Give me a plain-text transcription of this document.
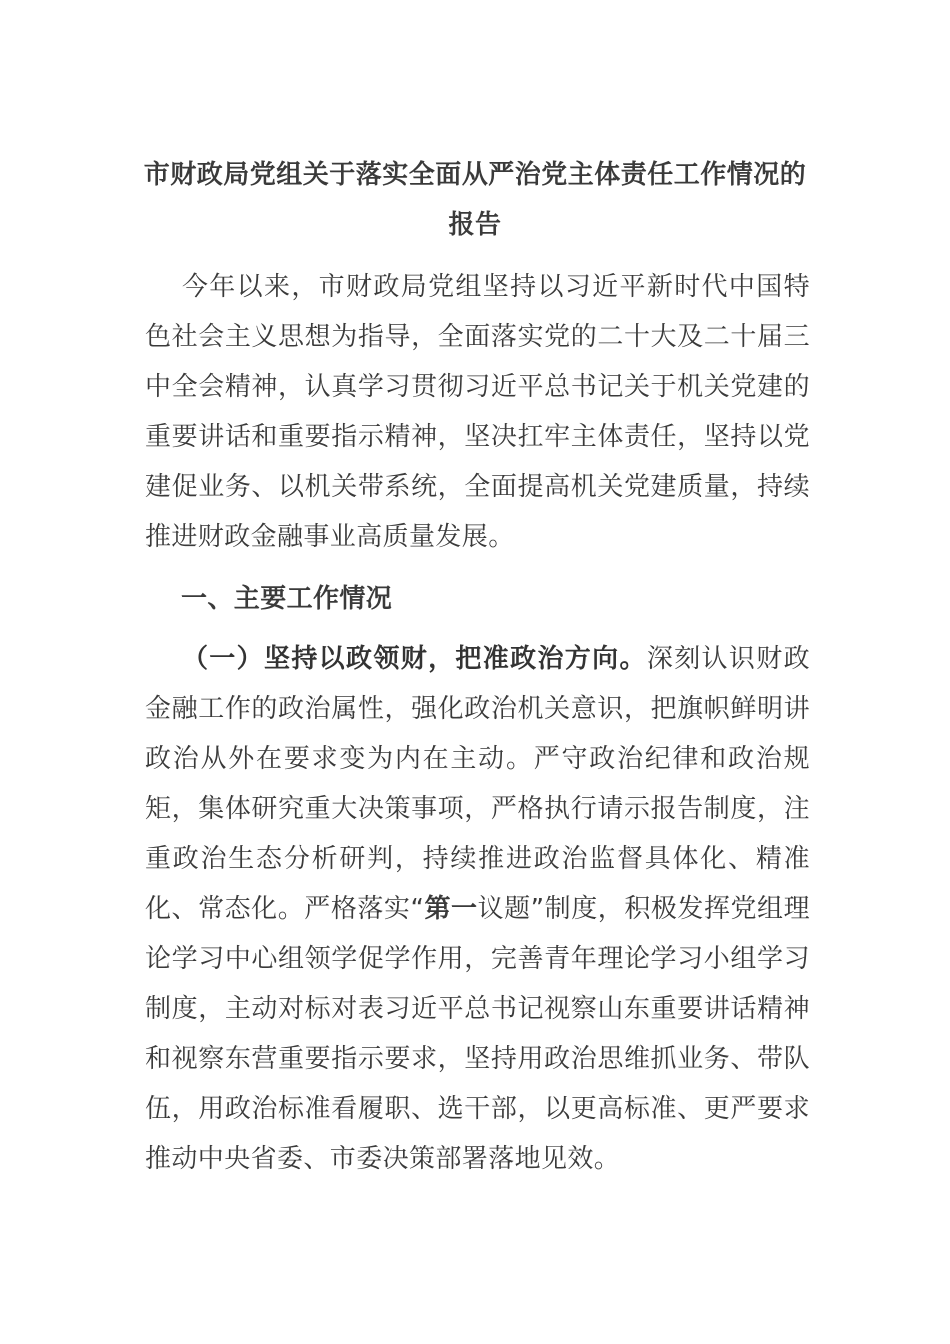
市财政局党组关于落实全面从严治党主体责任工作情况的
报告

今年以来，市财政局党组坚持以习近平新时代中国特色社会主义思想为指导，全面落实党的二十大及二十届三中全会精神，认真学习贯彻习近平总书记关于机关党建的重要讲话和重要指示精神，坚决扛牢主体责任，坚持以党建促业务、以机关带系统，全面提高机关党建质量，持续推进财政金融事业高质量发展。

一、主要工作情况

（一）坚持以政领财，把准政治方向。深刻认识财政金融工作的政治属性，强化政治机关意识，把旗帜鲜明讲政治从外在要求变为内在主动。严守政治纪律和政治规矩，集体研究重大决策事项，严格执行请示报告制度，注重政治生态分析研判，持续推进政治监督具体化、精准化、常态化。严格落实“第一议题”制度，积极发挥党组理论学习中心组领学促学作用，完善青年理论学习小组学习制度，主动对标对表习近平总书记视察山东重要讲话精神和视察东营重要指示要求，坚持用政治思维抓业务、带队伍，用政治标准看履职、选干部，以更高标准、更严要求推动中央省委、市委决策部署落地见效。
